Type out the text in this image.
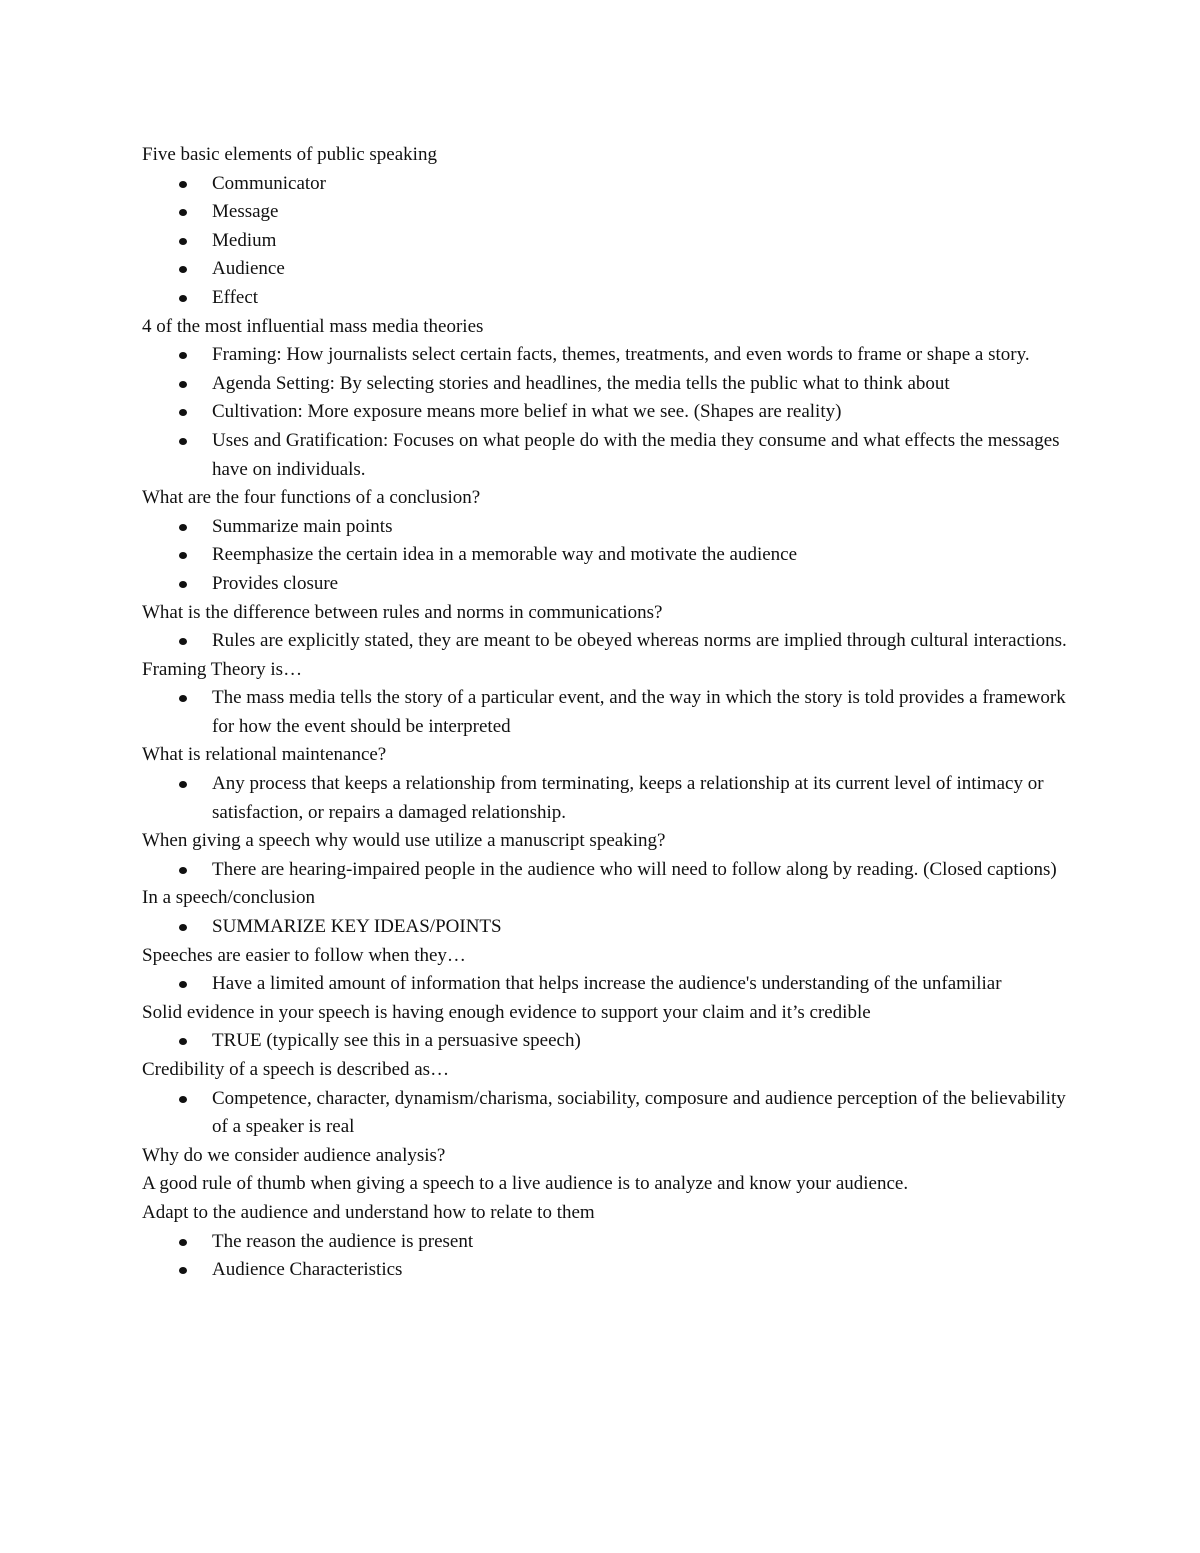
Five basic elements of public speaking
Communicator
Message
Medium
Audience
Effect
4 of the most influential mass media theories
Framing: How journalists select certain facts, themes, treatments, and even words to frame or shape a story.
Agenda Setting: By selecting stories and headlines, the media tells the public what to think about
Cultivation: More exposure means more belief in what we see. (Shapes are reality)
Uses and Gratification: Focuses on what people do with the media they consume and what effects the messages have on individuals.
What are the four functions of a conclusion?
Summarize main points
Reemphasize the certain idea in a memorable way and motivate the audience
Provides closure
What is the difference between rules and norms in communications?
Rules are explicitly stated, they are meant to be obeyed whereas norms are implied through cultural interactions.
Framing Theory is…
The mass media tells the story of a particular event, and the way in which the story is told provides a framework for how the event should be interpreted
What is relational maintenance?
Any process that keeps a relationship from terminating, keeps a relationship at its current level of intimacy or satisfaction, or repairs a damaged relationship.
When giving a speech why would use utilize a manuscript speaking?
There are hearing-impaired people in the audience who will need to follow along by reading. (Closed captions)
In a speech/conclusion
SUMMARIZE KEY IDEAS/POINTS
Speeches are easier to follow when they…
Have a limited amount of information that helps increase the audience's understanding of the unfamiliar
Solid evidence in your speech is having enough evidence to support your claim and it’s credible
TRUE (typically see this in a persuasive speech)
Credibility of a speech is described as…
Competence, character, dynamism/charisma, sociability, composure and audience perception of the believability of a speaker is real
Why do we consider audience analysis?
A good rule of thumb when giving a speech to a live audience is to analyze and know your audience.
Adapt to the audience and understand how to relate to them
The reason the audience is present
Audience Characteristics
